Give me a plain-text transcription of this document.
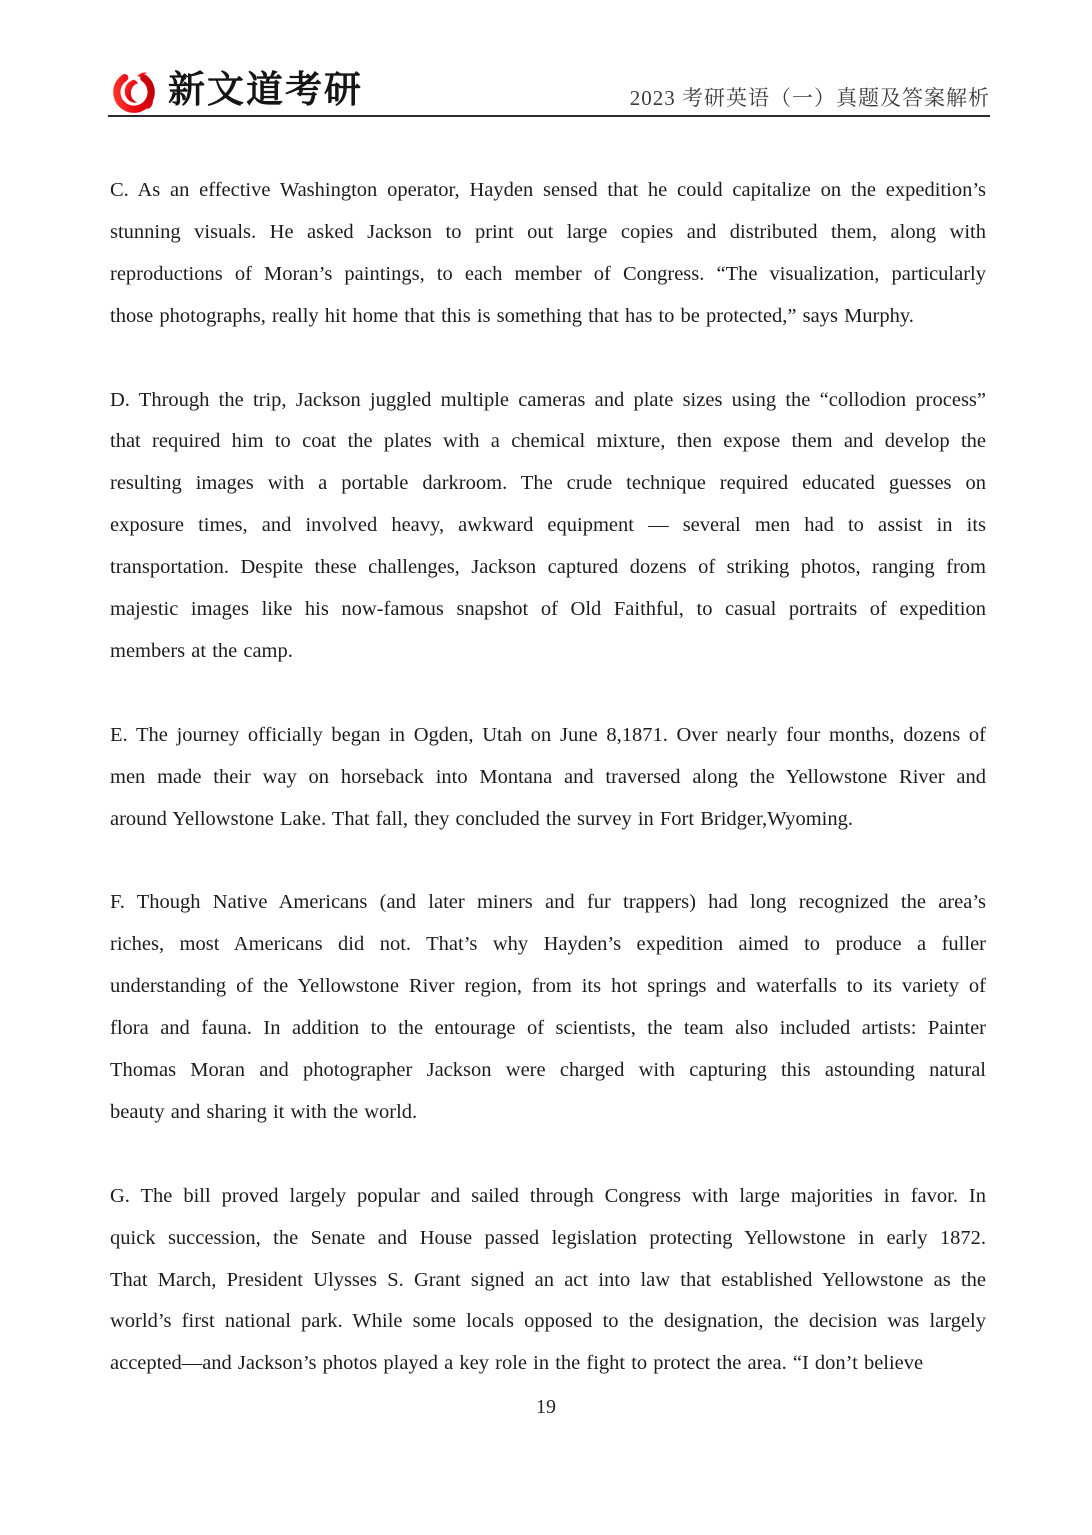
新文道考研	2023 考研英语（一）真题及答案解析
C. As an effective Washington operator, Hayden sensed that he could capitalize on the expedition’s
stunning visuals. He asked Jackson to print out large copies and distributed them, along with
reproductions of Moran’s paintings, to each member of Congress. “The visualization, particularly
those photographs, really hit home that this is something that has to be protected,” says Murphy.
D. Through the trip, Jackson juggled multiple cameras and plate sizes using the “collodion process”
that required him to coat the plates with a chemical mixture, then expose them and develop the
resulting images with a portable darkroom. The crude technique required educated guesses on
exposure times, and involved heavy, awkward equipment — several men had to assist in its
transportation. Despite these challenges, Jackson captured dozens of striking photos, ranging from
majestic images like his now-famous snapshot of Old Faithful, to casual portraits of expedition
members at the camp.
E. The journey officially began in Ogden, Utah on June 8,1871. Over nearly four months, dozens of
men made their way on horseback into Montana and traversed along the Yellowstone River and
around Yellowstone Lake. That fall, they concluded the survey in Fort Bridger,Wyoming.
F. Though Native Americans (and later miners and fur trappers) had long recognized the area’s
riches, most Americans did not. That’s why Hayden’s expedition aimed to produce a fuller
understanding of the Yellowstone River region, from its hot springs and waterfalls to its variety of
flora and fauna. In addition to the entourage of scientists, the team also included artists: Painter
Thomas Moran and photographer Jackson were charged with capturing this astounding natural
beauty and sharing it with the world.
G. The bill proved largely popular and sailed through Congress with large majorities in favor. In
quick succession, the Senate and House passed legislation protecting Yellowstone in early 1872.
That March, President Ulysses S. Grant signed an act into law that established Yellowstone as the
world’s first national park. While some locals opposed to the designation, the decision was largely
accepted—and Jackson’s photos played a key role in the fight to protect the area. “I don’t believe
19
